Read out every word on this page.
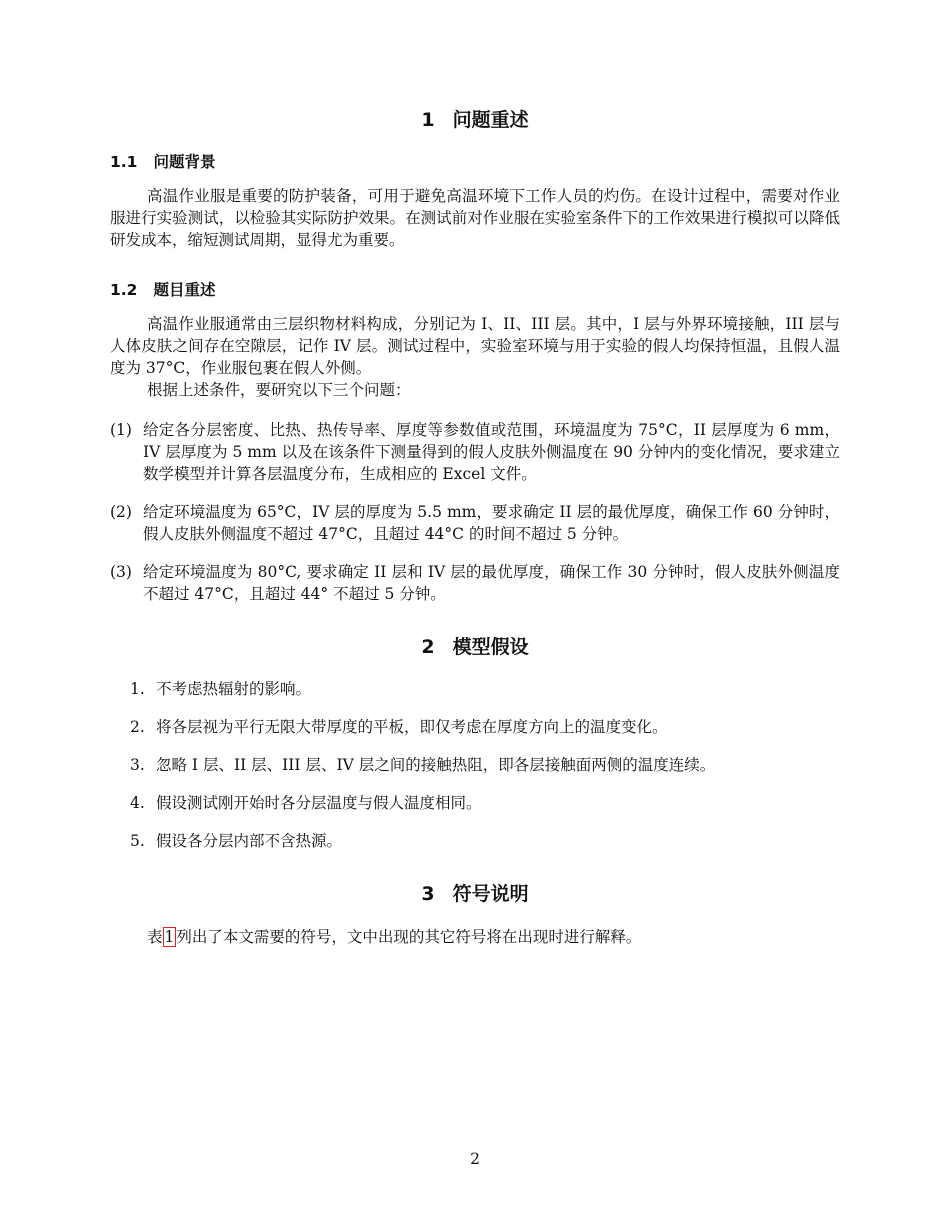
1 问题重述
1.1 问题背景

高温作业服是重要的防护装备，可用于避免高温环境下工作人员的灼伤。在设计过程中，需要对作业服进行实验测试，以检验其实际防护效果。在测试前对作业服在实验室条件下的工作效果进行模拟可以降低研发成本，缩短测试周期，显得尤为重要。

1.2 题目重述

高温作业服通常由三层织物材料构成，分别记为 I、II、III 层。其中，I 层与外界环境接触，III 层与人体皮肤之间存在空隙层，记作 IV 层。测试过程中，实验室环境与用于实验的假人均保持恒温，且假人温度为 37°C，作业服包裹在假人外侧。

根据上述条件，要研究以下三个问题：

(1) 给定各分层密度、比热、热传导率、厚度等参数值或范围，环境温度为 75°C，II 层厚度为 6 mm，IV 层厚度为 5 mm 以及在该条件下测量得到的假人皮肤外侧温度在 90 分钟内的变化情况，要求建立数学模型并计算各层温度分布，生成相应的 Excel 文件。
(2) 给定环境温度为 65°C，IV 层的厚度为 5.5 mm，要求确定 II 层的最优厚度，确保工作 60 分钟时，假人皮肤外侧温度不超过 47°C，且超过 44°C 的时间不超过 5 分钟。
(3) 给定环境温度为 80°C, 要求确定 II 层和 IV 层的最优厚度，确保工作 30 分钟时，假人皮肤外侧温度不超过 47°C，且超过 44° 不超过 5 分钟。
2 模型假设
1. 不考虑热辐射的影响。
2. 将各层视为平行无限大带厚度的平板，即仅考虑在厚度方向上的温度变化。
3. 忽略 I 层、II 层、III 层、IV 层之间的接触热阻，即各层接触面两侧的温度连续。
4. 假设测试刚开始时各分层温度与假人温度相同。
5. 假设各分层内部不含热源。
3 符号说明

表 1 列出了本文需要的符号，文中出现的其它符号将在出现时进行解释。

2
